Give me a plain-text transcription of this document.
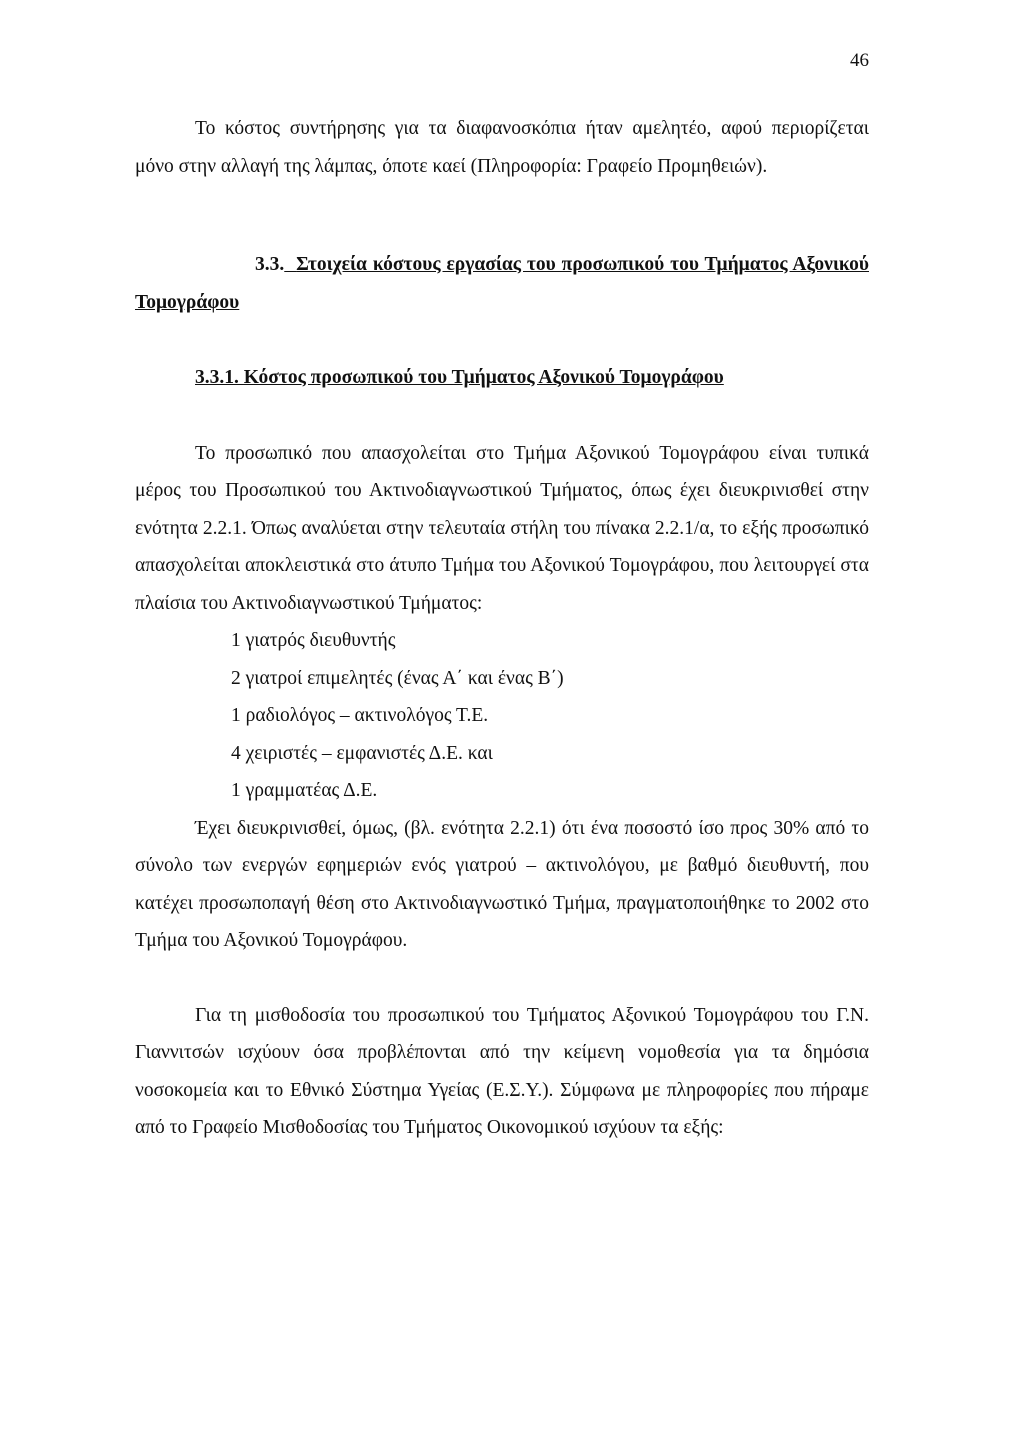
46

Το κόστος συντήρησης για τα διαφανοσκόπια ήταν αμελητέο, αφού περιορίζεται μόνο στην αλλαγή της λάμπας, όποτε καεί (Πληροφορία: Γραφείο Προμηθειών).

3.3. Στοιχεία κόστους εργασίας του προσωπικού του Τμήματος Αξονικού Τομογράφου

3.3.1. Κόστος προσωπικού του Τμήματος Αξονικού Τομογράφου

Το προσωπικό που απασχολείται στο Τμήμα Αξονικού Τομογράφου είναι τυπικά μέρος του Προσωπικού του Ακτινοδιαγνωστικού Τμήματος, όπως έχει διευκρινισθεί στην ενότητα 2.2.1. Όπως αναλύεται στην τελευταία στήλη του πίνακα 2.2.1/α, το εξής προσωπικό απασχολείται αποκλειστικά στο άτυπο Τμήμα του Αξονικού Τομογράφου, που λειτουργεί στα πλαίσια του Ακτινοδιαγνωστικού Τμήματος:

1 γιατρός διευθυντής
2 γιατροί επιμελητές (ένας Α΄ και ένας Β΄)
1 ραδιολόγος – ακτινολόγος Τ.Ε.
4 χειριστές – εμφανιστές Δ.Ε. και
1 γραμματέας Δ.Ε.

Έχει διευκρινισθεί, όμως, (βλ. ενότητα 2.2.1) ότι ένα ποσοστό ίσο προς 30% από το σύνολο των ενεργών εφημεριών ενός γιατρού – ακτινολόγου, με βαθμό διευθυντή, που κατέχει προσωποπαγή θέση στο Ακτινοδιαγνωστικό Τμήμα, πραγματοποιήθηκε το 2002 στο Τμήμα του Αξονικού Τομογράφου.

Για τη μισθοδοσία του προσωπικού του Τμήματος Αξονικού Τομογράφου του Γ.Ν. Γιαννιτσών ισχύουν όσα προβλέπονται από την κείμενη νομοθεσία για τα δημόσια νοσοκομεία και το Εθνικό Σύστημα Υγείας (Ε.Σ.Υ.). Σύμφωνα με πληροφορίες που πήραμε από το Γραφείο Μισθοδοσίας του Τμήματος Οικονομικού ισχύουν τα εξής:
